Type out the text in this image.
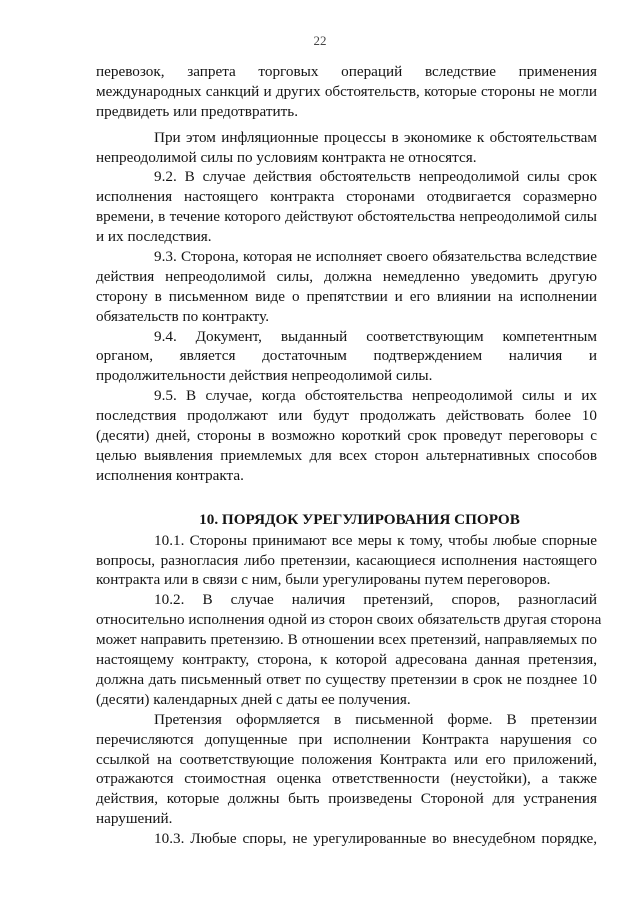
22
перевозок, запрета торговых операций вследствие применения
международных санкций и других обстоятельств, которые стороны не могли
предвидеть или предотвратить.
При этом инфляционные процессы в экономике к обстоятельствам
непреодолимой силы по условиям контракта не относятся.
9.2. В случае действия обстоятельств непреодолимой силы срок
исполнения настоящего контракта сторонами отодвигается соразмерно
времени, в течение которого действуют обстоятельства непреодолимой силы
и их последствия.
9.3. Сторона, которая не исполняет своего обязательства вследствие
действия непреодолимой силы, должна немедленно уведомить другую
сторону в письменном виде о препятствии и его влиянии на исполнении
обязательств по контракту.
9.4. Документ, выданный соответствующим компетентным
органом, является достаточным подтверждением наличия и
продолжительности действия непреодолимой силы.
9.5. В случае, когда обстоятельства непреодолимой силы и их
последствия продолжают или будут продолжать действовать более 10
(десяти) дней, стороны в возможно короткий срок проведут переговоры с
целью выявления приемлемых для всех сторон альтернативных способов
исполнения контракта.
10. ПОРЯДОК УРЕГУЛИРОВАНИЯ СПОРОВ
10.1. Стороны принимают все меры к тому, чтобы любые спорные
вопросы, разногласия либо претензии, касающиеся исполнения настоящего
контракта или в связи с ним, были урегулированы путем переговоров.
10.2. В случае наличия претензий, споров, разногласий
относительно исполнения одной из сторон своих обязательств другая сторона
может направить претензию. В отношении всех претензий, направляемых по
настоящему контракту, сторона, к которой адресована данная претензия,
должна дать письменный ответ по существу претензии в срок не позднее 10
(десяти) календарных дней с даты ее получения.
Претензия оформляется в письменной форме. В претензии
перечисляются допущенные при исполнении Контракта нарушения со
ссылкой на соответствующие положения Контракта или его приложений,
отражаются стоимостная оценка ответственности (неустойки), а также
действия, которые должны быть произведены Стороной для устранения
нарушений.
10.3. Любые споры, не урегулированные во внесудебном порядке,
